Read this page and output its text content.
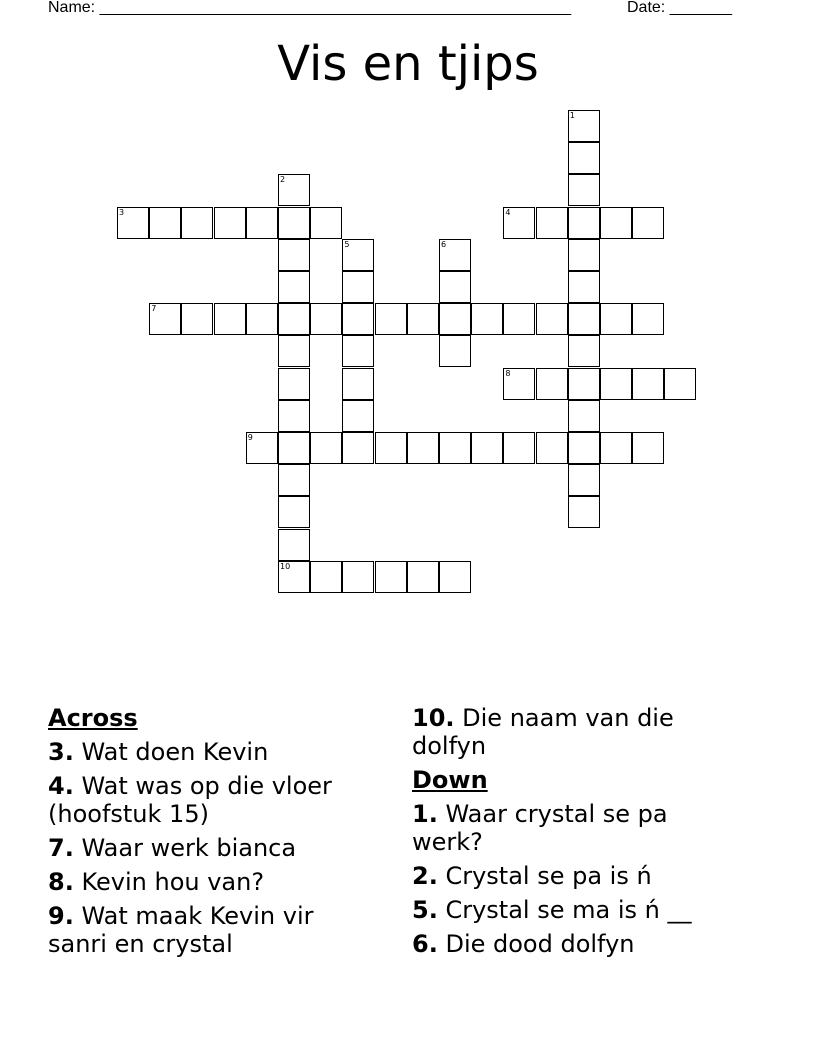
Name: _____________________________________________________	Date: _______
Vis en tjips
1
2
10
3	4
5	6
7
8
9
Across
3. Wat doen Kevin
4. Wat was op die vloer (hoofstuk 15)
7. Waar werk bianca
8. Kevin hou van?
9. Wat maak Kevin vir sanri en crystal
10. Die naam van die dolfyn
Down
1. Waar crystal se pa werk?
2. Crystal se pa is ń
5. Crystal se ma is ń __
6. Die dood dolfyn
